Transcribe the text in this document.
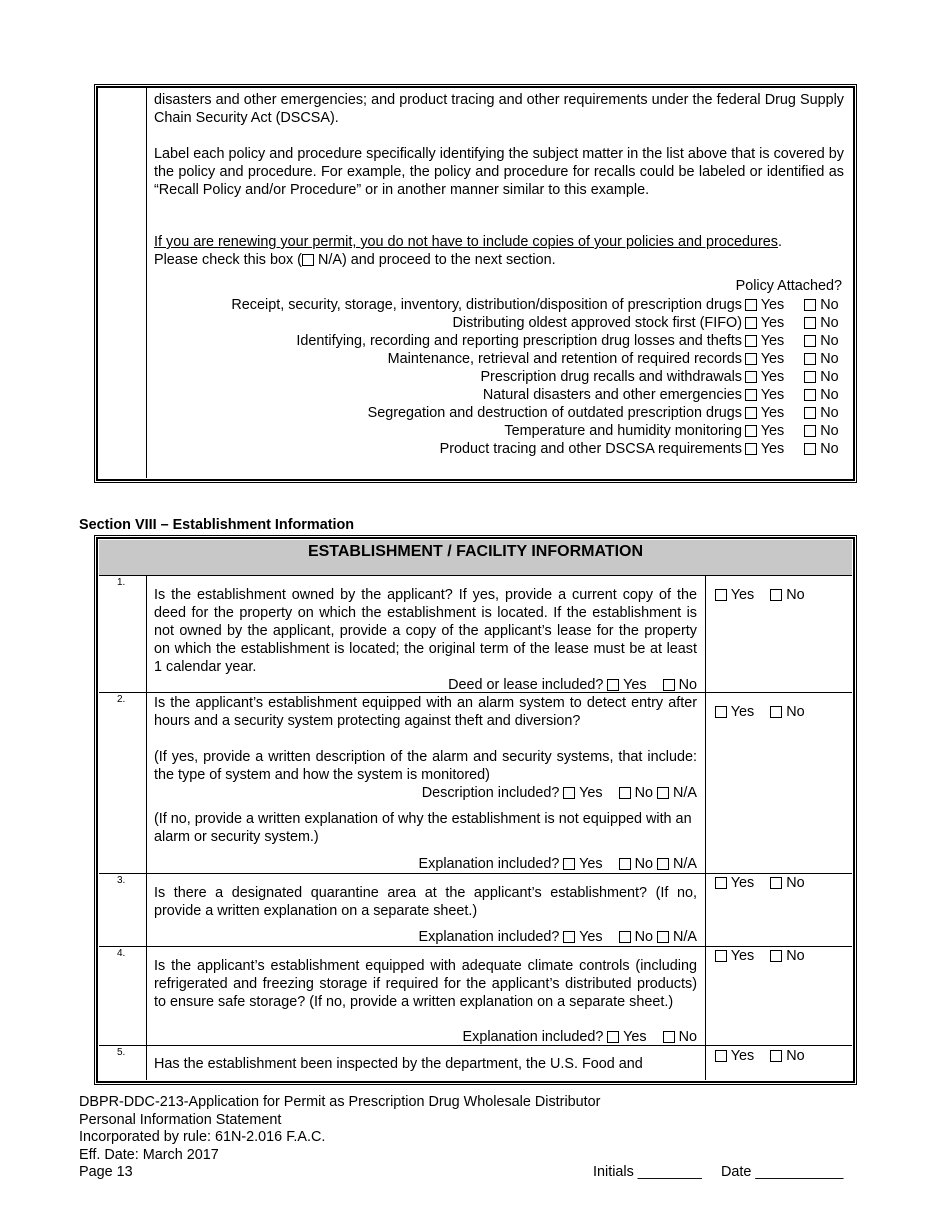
disasters and other emergencies; and product tracing and other requirements under the federal Drug Supply Chain Security Act (DSCSA).
Label each policy and procedure specifically identifying the subject matter in the list above that is covered by the policy and procedure. For example, the policy and procedure for recalls could be labeled or identified as “Recall Policy and/or Procedure” or in another manner similar to this example.
If you are renewing your permit, you do not have to include copies of your policies and procedures.
Please check this box ( N/A) and proceed to the next section.
Policy Attached?
Receipt, security, storage, inventory, distribution/disposition of prescription drugs	Yes	No
Distributing oldest approved stock first (FIFO)	Yes	No
Identifying, recording and reporting prescription drug losses and thefts	Yes	No
Maintenance, retrieval and retention of required records	Yes	No
Prescription drug recalls and withdrawals	Yes	No
Natural disasters and other emergencies	Yes	No
Segregation and destruction of outdated prescription drugs	Yes	No
Temperature and humidity monitoring	Yes	No
Product tracing and other DSCSA requirements	Yes	No
Section VIII – Establishment Information
ESTABLISHMENT / FACILITY INFORMATION
1.
Is the establishment owned by the applicant? If yes, provide a current copy of the deed for the property on which the establishment is located. If the establishment is not owned by the applicant, provide a copy of the applicant’s lease for the property on which the establishment is located; the original term of the lease must be at least 1 calendar year.
Deed or lease included? Yes No
Yes No
2. Is the applicant’s establishment equipped with an alarm system to detect entry after hours and a security system protecting against theft and diversion?
(If yes, provide a written description of the alarm and security systems, that include: the type of system and how the system is monitored)
Description included? Yes No N/A
(If no, provide a written explanation of why the establishment is not equipped with an alarm or security system.)
Explanation included? Yes No N/A
Yes No
3.
Is there a designated quarantine area at the applicant’s establishment? (If no, provide a written explanation on a separate sheet.)
Explanation included? Yes No N/A
Yes No
4.
Is the applicant’s establishment equipped with adequate climate controls (including refrigerated and freezing storage if required for the applicant’s distributed products) to ensure safe storage? (If no, provide a written explanation on a separate sheet.)
Explanation included? Yes No
Yes No
5.
Has the establishment been inspected by the department, the U.S. Food and	Yes No
DBPR-DDC-213-Application for Permit as Prescription Drug Wholesale Distributor
Personal Information Statement
Incorporated by rule: 61N-2.016 F.A.C.
Eff. Date: March 2017
Page 13	Initials ________ Date ___________
